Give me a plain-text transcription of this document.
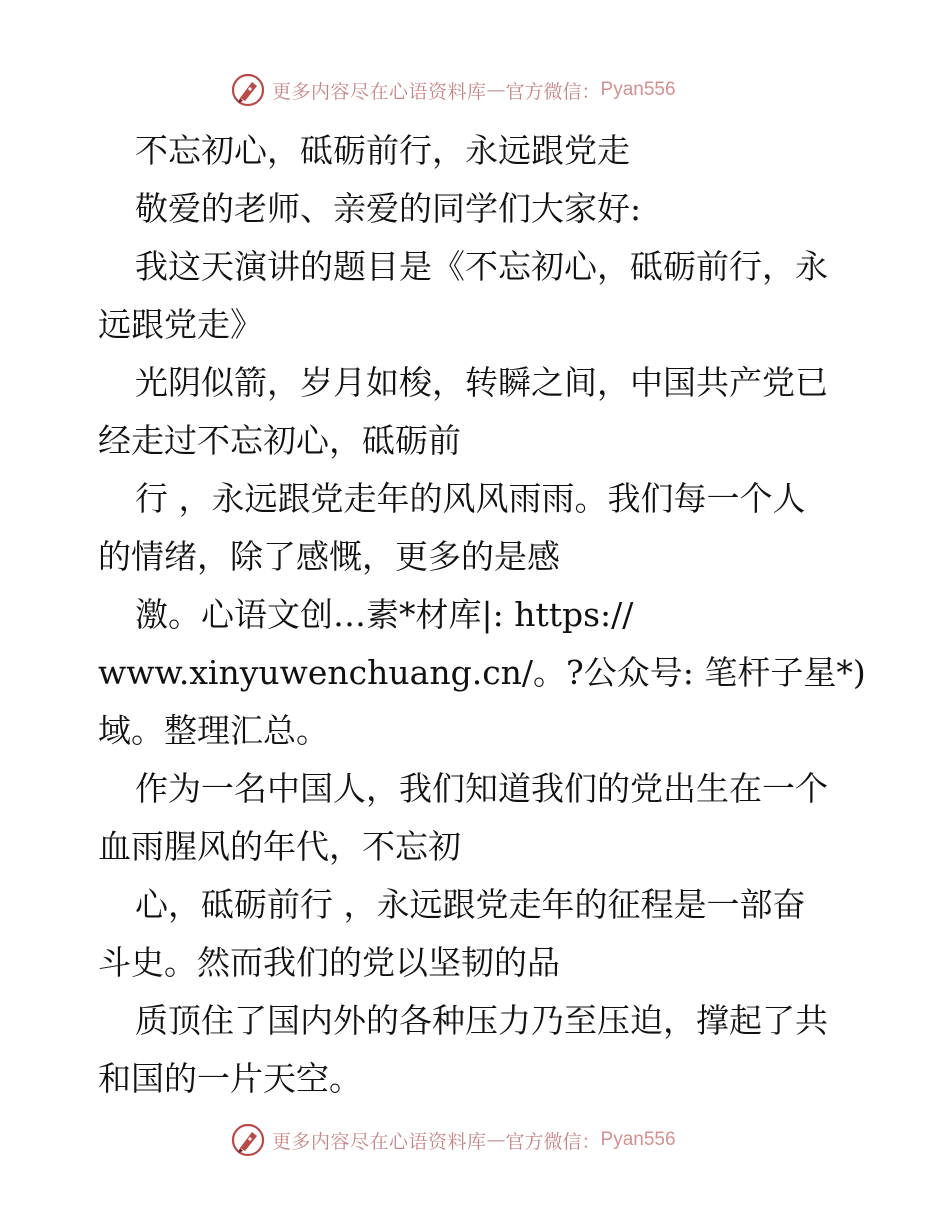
更多内容尽在心语资料库 — 官方微信： Pyan556
不忘初心，砥砺前行，永远跟党走
敬爱的老师、亲爱的同学们大家好:
我这天演讲的题目是《不忘初心，砥砺前行，永
远跟党走》
光阴似箭，岁月如梭，转瞬之间，中国共产党已
经走过不忘初心，砥砺前
行 ，永远跟党走年的风风雨雨。我们每一个人
的情绪，除了感慨，更多的是感
激。心语文创…素*材库|: https://
www.xinyuwenchuang.cn/。?公众号: 笔杆子星*)
域。整理汇总。
作为一名中国人，我们知道我们的党出生在一个
血雨腥风的年代，不忘初
心，砥砺前行 ，永远跟党走年的征程是一部奋
斗史。然而我们的党以坚韧的品
质顶住了国内外的各种压力乃至压迫，撑起了共
和国的一片天空。
更多内容尽在心语资料库 — 官方微信： Pyan556
